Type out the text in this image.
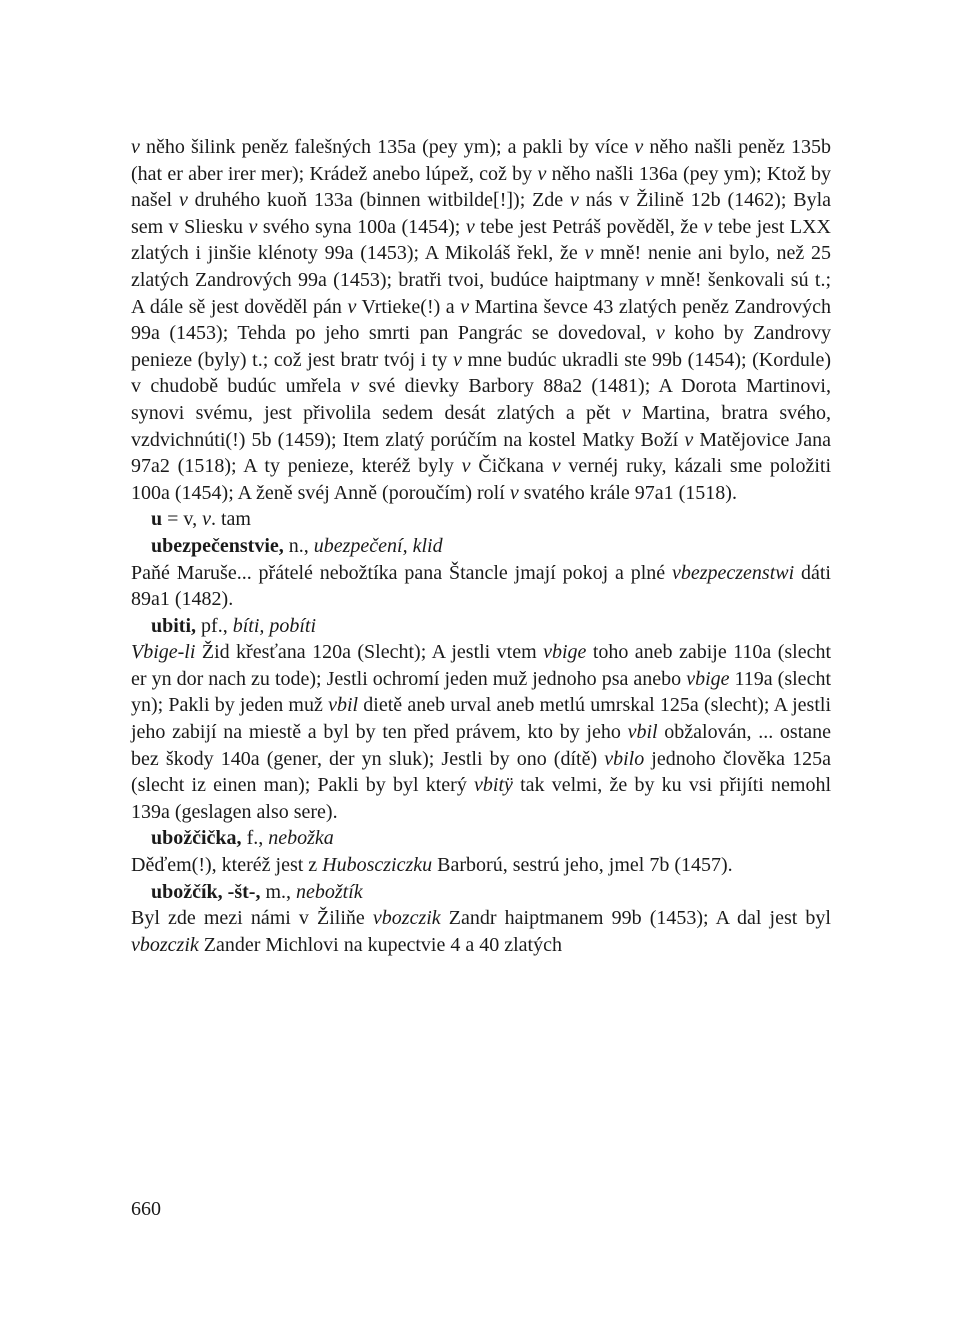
v něho šilink peněz falešných 135a (pey ym); a pakli by více v něho našli peněz 135b (hat er aber irer mer); Krádež anebo lúpež, což by v něho našli 136a (pey ym); Ktož by našel v druhého kuoň 133a (binnen witbilde[!]); Zde v nás v Žilině 12b (1462); Byla sem v Sliesku v svého syna 100a (1454); v tebe jest Petráš pověděl, že v tebe jest LXX zlatých i jinšie klénoty 99a (1453); A Mikoláš řekl, že v mně! nenie ani bylo, než 25 zlatých Zandrových 99a (1453); bratři tvoi, budúce haiptmany v mně! šenkovali sú t.; A dále sě jest dověděl pán v Vrtieke(!) a v Martina ševce 43 zlatých peněz Zandrových 99a (1453); Tehda po jeho smrti pan Pangrác se dovedoval, v koho by Zandrovy penieze (byly) t.; což jest bratr tvój i ty v mne budúc ukradli ste 99b (1454); (Kordule) v chudobě budúc umřela v své dievky Barbory 88a2 (1481); A Dorota Martinovi, synovi svému, jest přivolila sedem desát zlatých a pět v Martina, bratra svého, vzdvichnúti(!) 5b (1459); Item zlatý porúčím na kostel Matky Boží v Matějovice Jana 97a2 (1518); A ty penieze, kteréž byly v Čičkana v vernéj ruky, kázali sme položiti 100a (1454); A ženě svéj Anně (poroučím) rolí v svatého krále 97a1 (1518).

u = v, v. tam

ubezpečenstvie, n., ubezpečení, klid

Paňé Maruše... přátelé nebožtíka pana Štancle jmají pokoj a plné vbezpeczenstwi dáti 89a1 (1482).

ubiti, pf., bíti, pobíti

Vbige-li Žid křesťana 120a (Slecht); A jestli vtem vbige toho aneb zabije 110a (slecht er yn dor nach zu tode); Jestli ochromí jeden muž jednoho psa anebo vbige 119a (slecht yn); Pakli by jeden muž vbil dietě aneb urval aneb metlú umrskal 125a (slecht); A jestli jeho zabijí na miestě a byl by ten před právem, kto by jeho vbil obžalován, ... ostane bez škody 140a (gener, der yn sluk); Jestli by ono (dítě) vbilo jednoho člověka 125a (slecht iz einen man); Pakli by byl který vbitÿ tak velmi, že by ku vsi přijíti nemohl 139a (geslagen also sere).

ubožčička, f., nebožka

Děďem(!), kteréž jest z Huboscziczku Barború, sestrú jeho, jmel 7b (1457).

ubožčík, -št-, m., nebožtík

Byl zde mezi námi v Žiliňe vbozczik Zandr haiptmanem 99b (1453); A dal jest byl vbozczik Zander Michlovi na kupectvie 4 a 40 zlatých

660
